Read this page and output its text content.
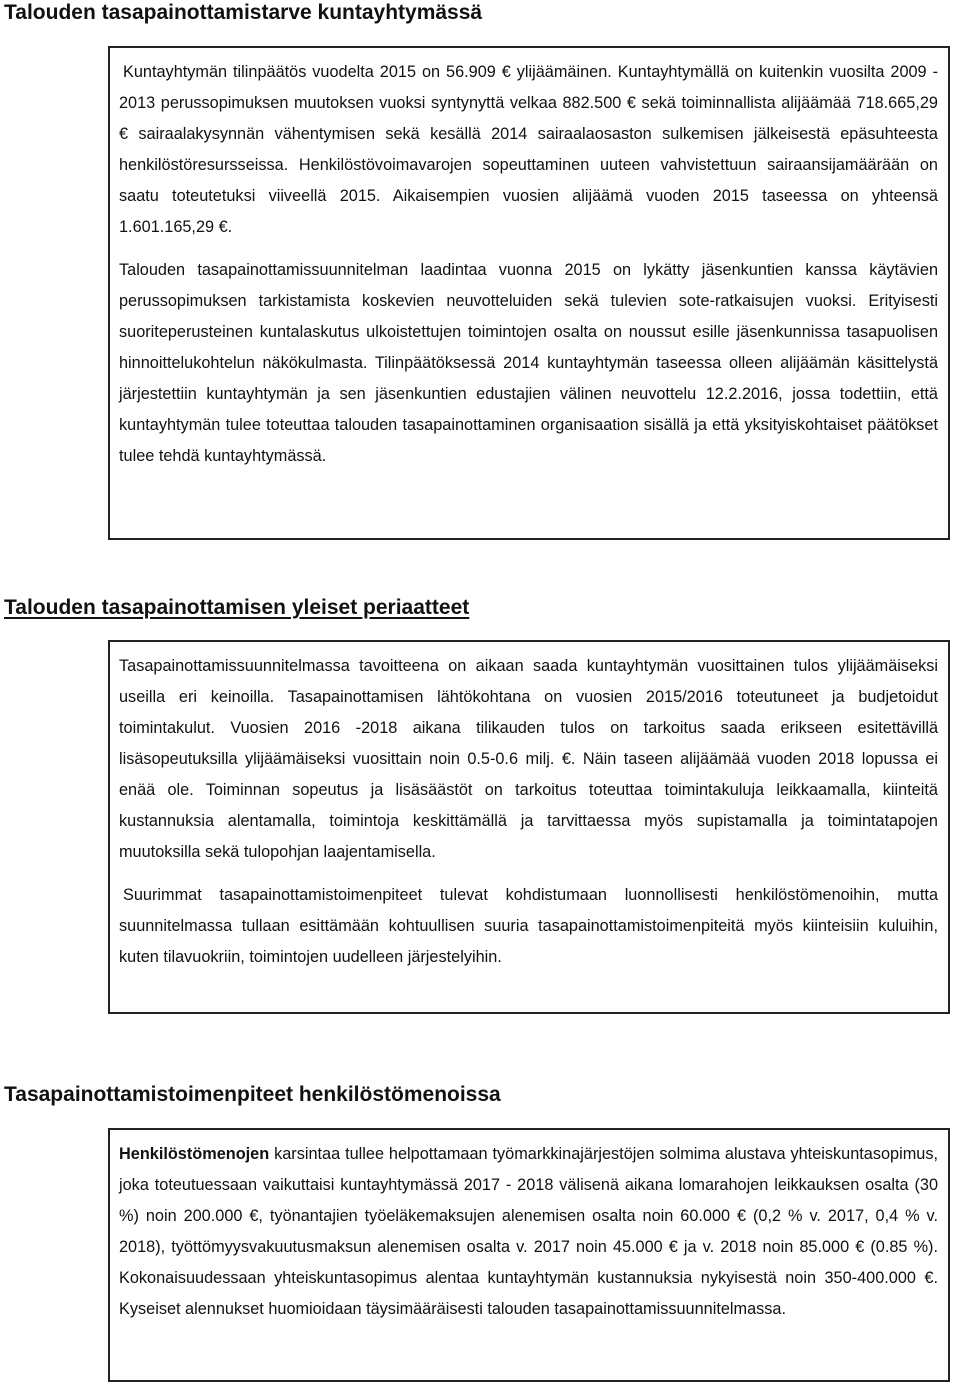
Talouden tasapainottamistarve kuntayhtymässä

Kuntayhtymän tilinpäätös vuodelta 2015 on 56.909 € ylijäämäinen. Kuntayhtymällä on kuitenkin vuosilta 2009 - 2013 perussopimuksen muutoksen vuoksi syntynyttä velkaa 882.500 € sekä toiminnallista alijäämää 718.665,29 € sairaalakysynnän vähentymisen sekä kesällä 2014 sairaalaosaston sulkemisen jälkeisestä epäsuhteesta henkilöstöresursseissa. Henkilöstövoimavarojen sopeuttaminen uuteen vahvistettuun sairaansijamäärään on saatu toteutetuksi viiveellä 2015. Aikaisempien vuosien alijäämä vuoden 2015 taseessa on yhteensä 1.601.165,29 €.

Talouden tasapainottamissuunnitelman laadintaa vuonna 2015 on lykätty jäsenkuntien kanssa käytävien perussopimuksen tarkistamista koskevien neuvotteluiden sekä tulevien sote-ratkaisujen vuoksi. Erityisesti suoriteperusteinen kuntalaskutus ulkoistettujen toimintojen osalta on noussut esille jäsenkunnissa tasapuolisen hinnoittelukohtelun näkökulmasta. Tilinpäätöksessä 2014 kuntayhtymän taseessa olleen alijäämän käsittelystä järjestettiin kuntayhtymän ja sen jäsenkuntien edustajien välinen neuvottelu 12.2.2016, jossa todettiin, että kuntayhtymän tulee toteuttaa talouden tasapainottaminen organisaation sisällä ja että yksityiskohtaiset päätökset tulee tehdä kuntayhtymässä.

Talouden tasapainottamisen yleiset periaatteet

Tasapainottamissuunnitelmassa tavoitteena on aikaan saada kuntayhtymän vuosittainen tulos ylijäämäiseksi useilla eri keinoilla. Tasapainottamisen lähtökohtana on vuosien 2015/2016 toteutuneet ja budjetoidut toimintakulut. Vuosien 2016 -2018 aikana tilikauden tulos on tarkoitus saada erikseen esitettävillä lisäsopeutuksilla ylijäämäiseksi vuosittain noin 0.5-0.6 milj. €. Näin taseen alijäämää vuoden 2018 lopussa ei enää ole. Toiminnan sopeutus ja lisäsäästöt on tarkoitus toteuttaa toimintakuluja leikkaamalla, kiinteitä kustannuksia alentamalla, toimintoja keskittämällä ja tarvittaessa myös supistamalla ja toimintatapojen muutoksilla sekä tulopohjan laajentamisella.

Suurimmat tasapainottamistoimenpiteet tulevat kohdistumaan luonnollisesti henkilöstömenoihin, mutta suunnitelmassa tullaan esittämään kohtuullisen suuria tasapainottamistoimenpiteitä myös kiinteisiin kuluihin, kuten tilavuokriin, toimintojen uudelleen järjestelyihin.

Tasapainottamistoimenpiteet henkilöstömenoissa

Henkilöstömenojen karsintaa tullee helpottamaan työmarkkinajärjestöjen solmima alustava yhteiskuntasopimus, joka toteutuessaan vaikuttaisi kuntayhtymässä 2017 - 2018 välisenä aikana lomarahojen leikkauksen osalta (30 %) noin 200.000 €, työnantajien työeläkemaksujen alenemisen osalta noin 60.000 € (0,2 % v. 2017, 0,4 % v. 2018), työttömyysvakuutusmaksun alenemisen osalta v. 2017 noin 45.000 € ja v. 2018 noin 85.000 € (0.85 %). Kokonaisuudessaan yhteiskuntasopimus alentaa kuntayhtymän kustannuksia nykyisestä noin 350-400.000 €. Kyseiset alennukset huomioidaan täysimääräisesti talouden tasapainottamissuunnitelmassa.
